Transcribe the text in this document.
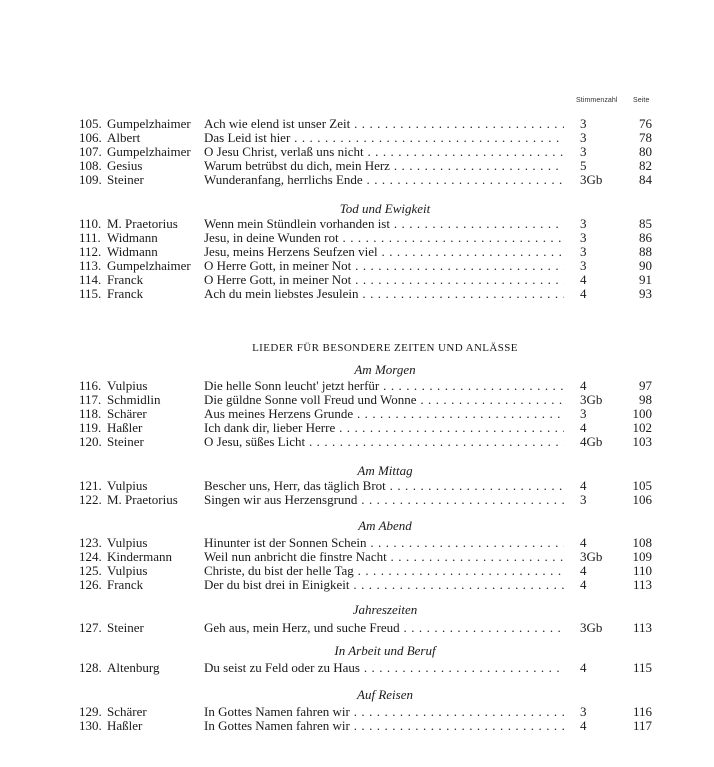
Stimmenzahl Seite
105. Gumpelzhaimer Ach wie elend ist unser Zeit . . .	3	76
106. Albert	Das Leid ist hier . . .	3	78
107. Gumpelzhaimer O Jesu Christ, verlaß uns nicht . . .	3	80
108. Gesius	Warum betrübst du dich, mein Herz . . .	5	82
109. Steiner	Wunderanfang, herrlichs Ende . . .	3Gb	84
Tod und Ewigkeit
110. M. Praetorius Wenn mein Stündlein vorhanden ist . . .	3	85
111. Widmann	Jesu, in deine Wunden rot . . .	3	86
112. Widmann	Jesu, meins Herzens Seufzen viel . . .	3	88
113. Gumpelzhaimer O Herre Gott, in meiner Not . . .	3	90
114. Franck	O Herre Gott, in meiner Not . . .	4	91
115. Franck	Ach du mein liebstes Jesulein . . .	4	93
LIEDER FÜR BESONDERE ZEITEN UND ANLÄSSE
Am Morgen
116. Vulpius	Die helle Sonn leucht' jetzt herfür . . .	4	97
117. Schmidlin	Die güldne Sonne voll Freud und Wonne . . .	3Gb	98
118. Schärer	Aus meines Herzens Grunde . . .	3	100
119. Haßler	Ich dank dir, lieber Herre . . .	4	102
120. Steiner	O Jesu, süßes Licht . . .	4Gb 103
Am Mittag
121. Vulpius	Bescher uns, Herr, das täglich Brot . . .	4	105
122. M. Praetorius Singen wir aus Herzensgrund . . .	3	106
Am Abend
123. Vulpius	Hinunter ist der Sonnen Schein . . .	4	108
124. Kindermann Weil nun anbricht die finstre Nacht . . .	3Gb 109
125. Vulpius	Christe, du bist der helle Tag . . .	4	110
126. Franck	Der du bist drei in Einigkeit . . .	4	113
Jahreszeiten
127. Steiner	Geh aus, mein Herz, und suche Freud . . .	3Gb 113
In Arbeit und Beruf
128. Altenburg	Du seist zu Feld oder zu Haus . . .	4	115
Auf Reisen
129. Schärer	In Gottes Namen fahren wir . . .	3	116
130. Haßler	In Gottes Namen fahren wir . . .	4	117
